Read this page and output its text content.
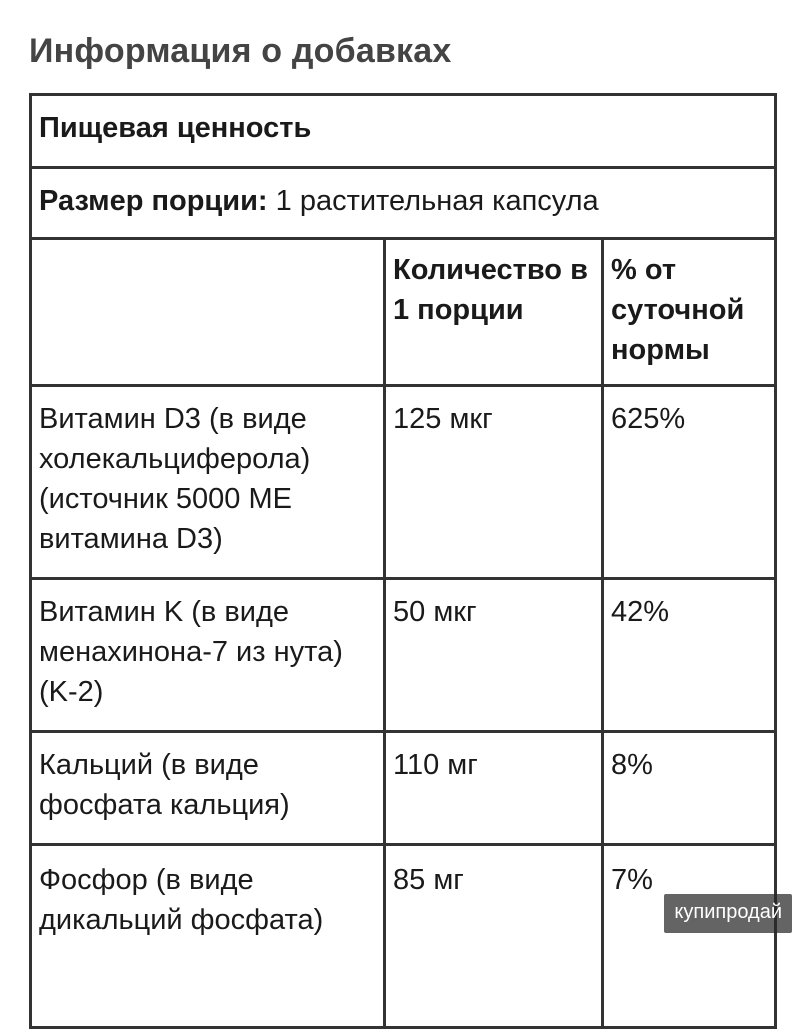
Информация о добавках
Пищевая ценность		
Размер порции: 1 растительная капсула		
	Количество в 1 порции	% от суточной нормы
Витамин D3 (в виде холекальциферола) (источник 5000 МЕ витамина D3)	125 мкг	625%
Витамин K (в виде менахинона-7 из нута) (K-2)	50 мкг	42%
Кальций (в виде фосфата кальция)	110 мг	8%
Фосфор (в виде дикальций фосфата)	85 мг	7%
купипродай
